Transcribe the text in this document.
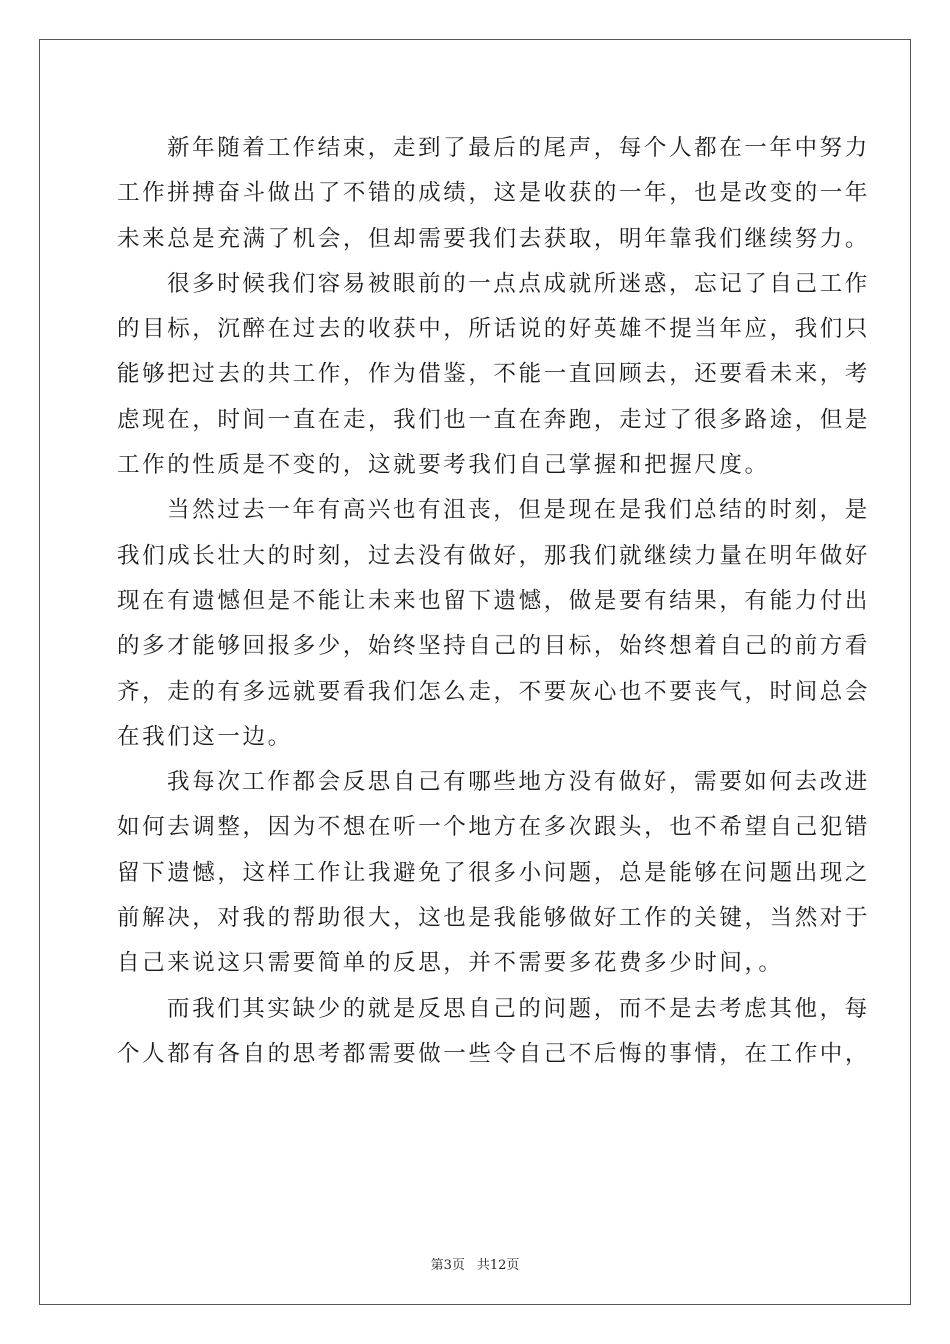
新年随着工作结束，走到了最后的尾声，每个人都在一年中努力
工作拼搏奋斗做出了不错的成绩，这是收获的一年，也是改变的一年
未来总是充满了机会，但却需要我们去获取，明年靠我们继续努力。
很多时候我们容易被眼前的一点点成就所迷惑，忘记了自己工作
的目标，沉醉在过去的收获中，所话说的好英雄不提当年应，我们只
能够把过去的共工作，作为借鉴，不能一直回顾去，还要看未来，考
虑现在，时间一直在走，我们也一直在奔跑，走过了很多路途，但是
工作的性质是不变的，这就要考我们自己掌握和把握尺度。
当然过去一年有高兴也有沮丧，但是现在是我们总结的时刻，是
我们成长壮大的时刻，过去没有做好，那我们就继续力量在明年做好
现在有遗憾但是不能让未来也留下遗憾，做是要有结果，有能力付出
的多才能够回报多少，始终坚持自己的目标，始终想着自己的前方看
齐，走的有多远就要看我们怎么走，不要灰心也不要丧气，时间总会
在我们这一边。
我每次工作都会反思自己有哪些地方没有做好，需要如何去改进
如何去调整，因为不想在听一个地方在多次跟头，也不希望自己犯错
留下遗憾，这样工作让我避免了很多小问题，总是能够在问题出现之
前解决，对我的帮助很大，这也是我能够做好工作的关键，当然对于
自己来说这只需要简单的反思，并不需要多花费多少时间，。
而我们其实缺少的就是反思自己的问题，而不是去考虑其他，每
个人都有各自的思考都需要做一些令自己不后悔的事情，在工作中，
第3页 共12页
